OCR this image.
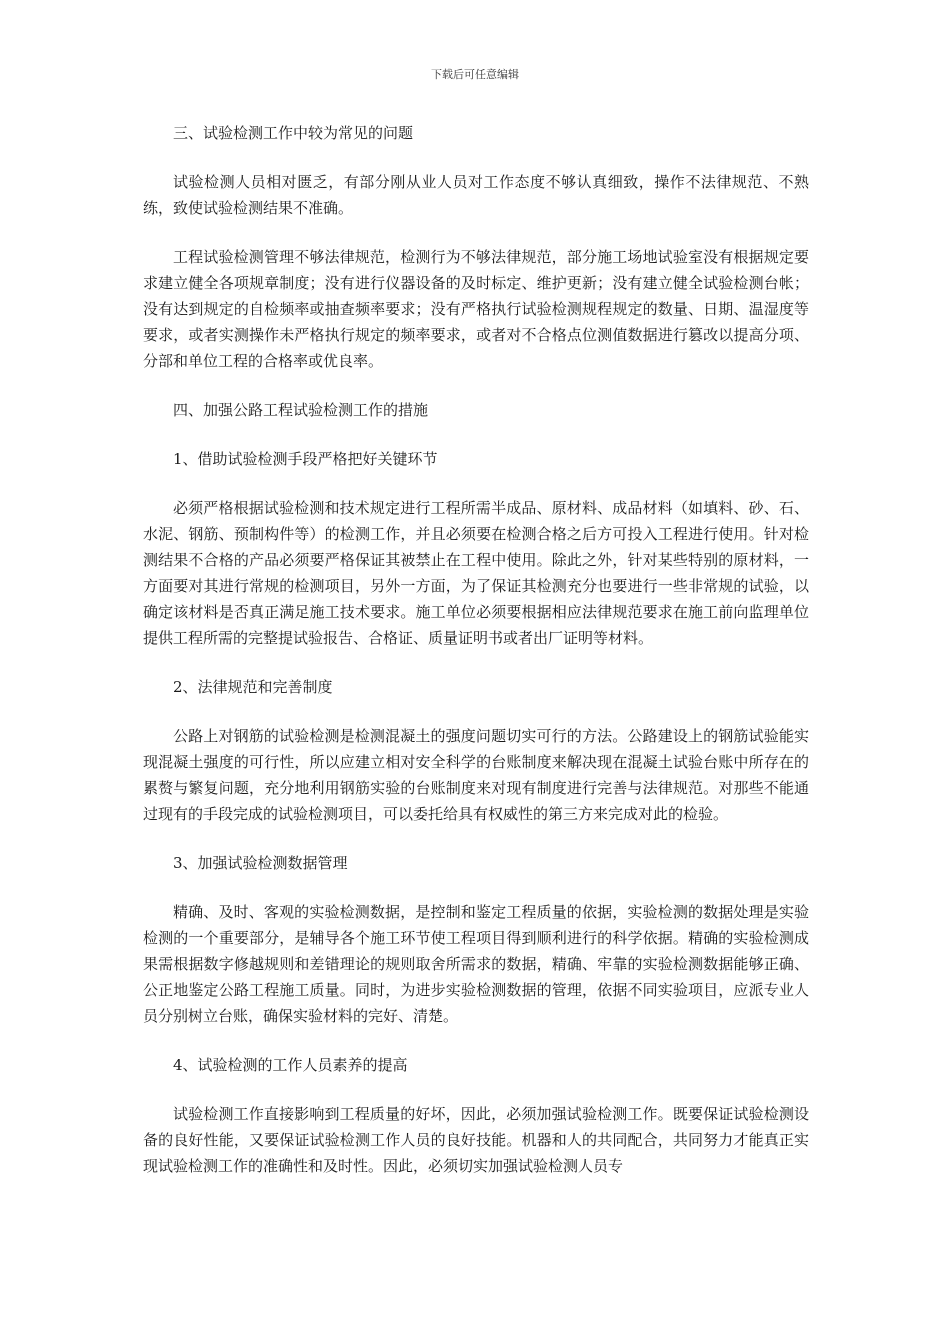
下载后可任意编辑

三、试验检测工作中较为常见的问题

试验检测人员相对匮乏，有部分刚从业人员对工作态度不够认真细致，操作不法律规范、不熟练，致使试验检测结果不准确。

工程试验检测管理不够法律规范，检测行为不够法律规范，部分施工场地试验室没有根据规定要求建立健全各项规章制度；没有进行仪器设备的及时标定、维护更新；没有建立健全试验检测台帐；没有达到规定的自检频率或抽查频率要求；没有严格执行试验检测规程规定的数量、日期、温湿度等要求，或者实测操作未严格执行规定的频率要求，或者对不合格点位测值数据进行篡改以提高分项、分部和单位工程的合格率或优良率。

四、加强公路工程试验检测工作的措施

1、借助试验检测手段严格把好关键环节

必须严格根据试验检测和技术规定进行工程所需半成品、原材料、成品材料（如填料、砂、石、水泥、钢筋、预制构件等）的检测工作，并且必须要在检测合格之后方可投入工程进行使用。针对检测结果不合格的产品必须要严格保证其被禁止在工程中使用。除此之外，针对某些特别的原材料，一方面要对其进行常规的检测项目，另外一方面，为了保证其检测充分也要进行一些非常规的试验，以确定该材料是否真正满足施工技术要求。施工单位必须要根据相应法律规范要求在施工前向监理单位提供工程所需的完整提试验报告、合格证、质量证明书或者出厂证明等材料。

2、法律规范和完善制度

公路上对钢筋的试验检测是检测混凝土的强度问题切实可行的方法。公路建设上的钢筋试验能实现混凝土强度的可行性，所以应建立相对安全科学的台账制度来解决现在混凝土试验台账中所存在的累赘与繁复问题，充分地利用钢筋实验的台账制度来对现有制度进行完善与法律规范。对那些不能通过现有的手段完成的试验检测项目，可以委托给具有权威性的第三方来完成对此的检验。

3、加强试验检测数据管理

精确、及时、客观的实验检测数据，是控制和鉴定工程质量的依据，实验检测的数据处理是实验检测的一个重要部分，是辅导各个施工环节使工程项目得到顺利进行的科学依据。精确的实验检测成果需根据数字修越规则和差错理论的规则取舍所需求的数据，精确、牢靠的实验检测数据能够正确、公正地鉴定公路工程施工质量。同时，为进步实验检测数据的管理，依据不同实验项目，应派专业人员分别树立台账，确保实验材料的完好、清楚。

4、试验检测的工作人员素养的提高

试验检测工作直接影响到工程质量的好坏，因此，必须加强试验检测工作。既要保证试验检测设备的良好性能，又要保证试验检测工作人员的良好技能。机器和人的共同配合，共同努力才能真正实现试验检测工作的准确性和及时性。因此，必须切实加强试验检测人员专
